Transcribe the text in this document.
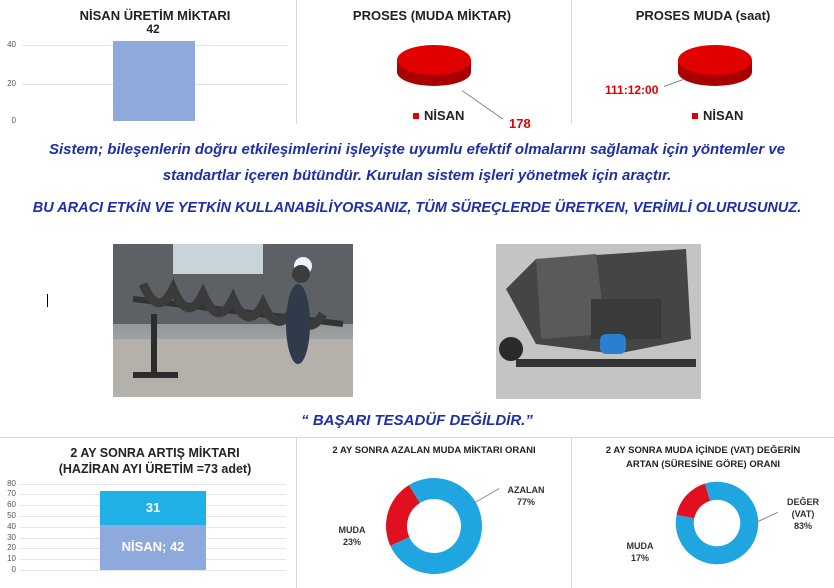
NİSAN ÜRETİM MİKTARI
42
40
20
0
PROSES (MUDA MİKTAR)
NİSAN
178
PROSES MUDA (saat)
111:12:00
NİSAN
Sistem; bileşenlerin doğru etkileşimlerini işleyişte uyumlu efektif olmalarını sağlamak için yöntemler ve
standartlar içeren bütündür. Kurulan sistem işleri yönetmek için araçtır.
BU ARACI ETKİN VE YETKİN KULLANABİLİYORSANIZ, TÜM SÜREÇLERDE ÜRETKEN, VERİMLİ OLURUSUNUZ.
“ BAŞARI TESADÜF DEĞİLDİR.”
2 AY SONRA ARTIŞ MİKTARI
(HAZİRAN AYI ÜRETİM =73 adet)
80
70
60
50
40
30
20
10
0
31
NİSAN; 42
2 AY SONRA AZALAN MUDA MİKTARI ORANI
AZALAN
77%
MUDA
23%
2 AY SONRA MUDA İÇİNDE (VAT) DEĞERİN
ARTAN (SÜRESİNE GÖRE) ORANI
DEĞER
(VAT)
83%
MUDA
17%
